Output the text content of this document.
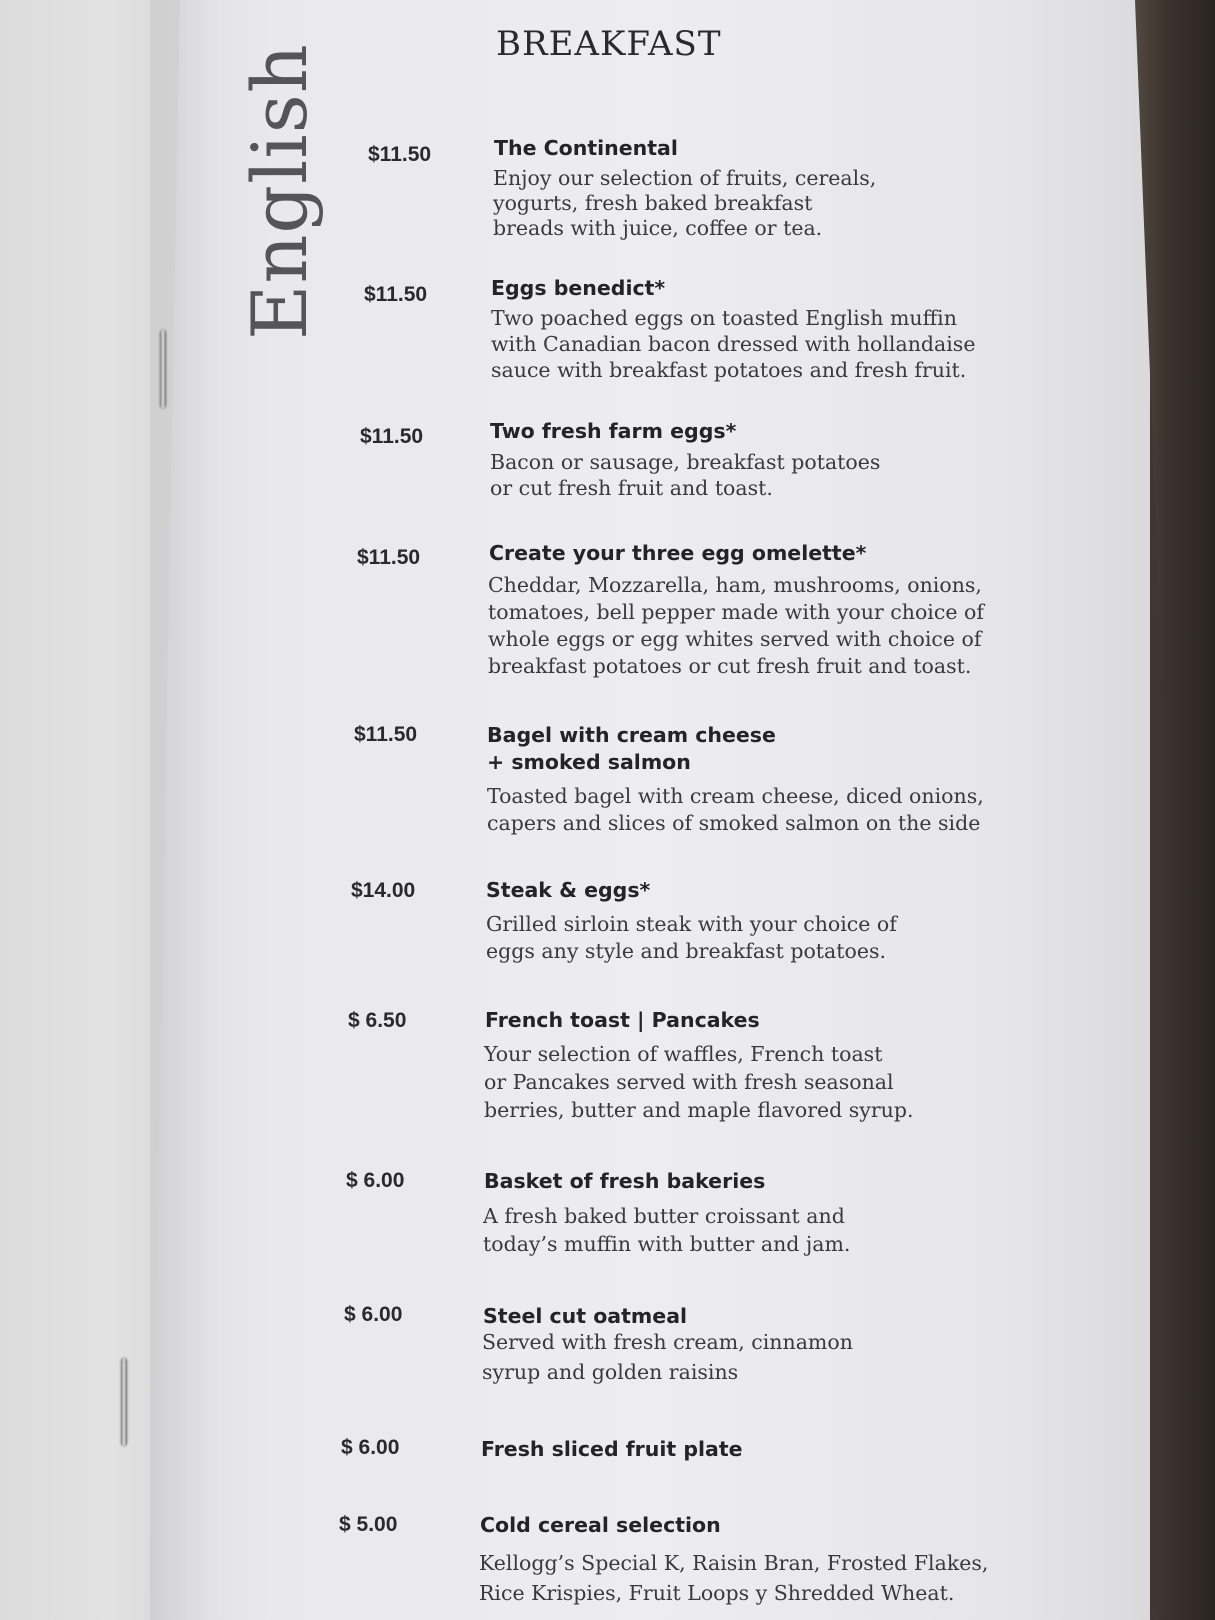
English	BREAKFAST
$11.50	The Continental
Enjoy our selection of fruits, cereals,
yogurts, fresh baked breakfast
breads with juice, coffee or tea.
$11.50	Eggs benedict*
Two poached eggs on toasted English muffin
with Canadian bacon dressed with hollandaise
sauce with breakfast potatoes and fresh fruit.
$11.50	Two fresh farm eggs*
Bacon or sausage, breakfast potatoes
or cut fresh fruit and toast.
$11.50	Create your three egg omelette*
Cheddar, Mozzarella, ham, mushrooms, onions,
tomatoes, bell pepper made with your choice of
whole eggs or egg whites served with choice of
breakfast potatoes or cut fresh fruit and toast.
$11.50	Bagel with cream cheese
+ smoked salmon
Toasted bagel with cream cheese, diced onions,
capers and slices of smoked salmon on the side
$14.00	Steak & eggs*
Grilled sirloin steak with your choice of
eggs any style and breakfast potatoes.
$ 6.50	French toast | Pancakes
Your selection of waffles, French toast
or Pancakes served with fresh seasonal
berries, butter and maple flavored syrup.
$ 6.00	Basket of fresh bakeries
A fresh baked butter croissant and
today’s muffin with butter and jam.
$ 6.00	Steel cut oatmeal
Served with fresh cream, cinnamon
syrup and golden raisins
$ 6.00	Fresh sliced fruit plate
$ 5.00	Cold cereal selection
Kellogg’s Special K, Raisin Bran, Frosted Flakes,
Rice Krispies, Fruit Loops y Shredded Wheat.
